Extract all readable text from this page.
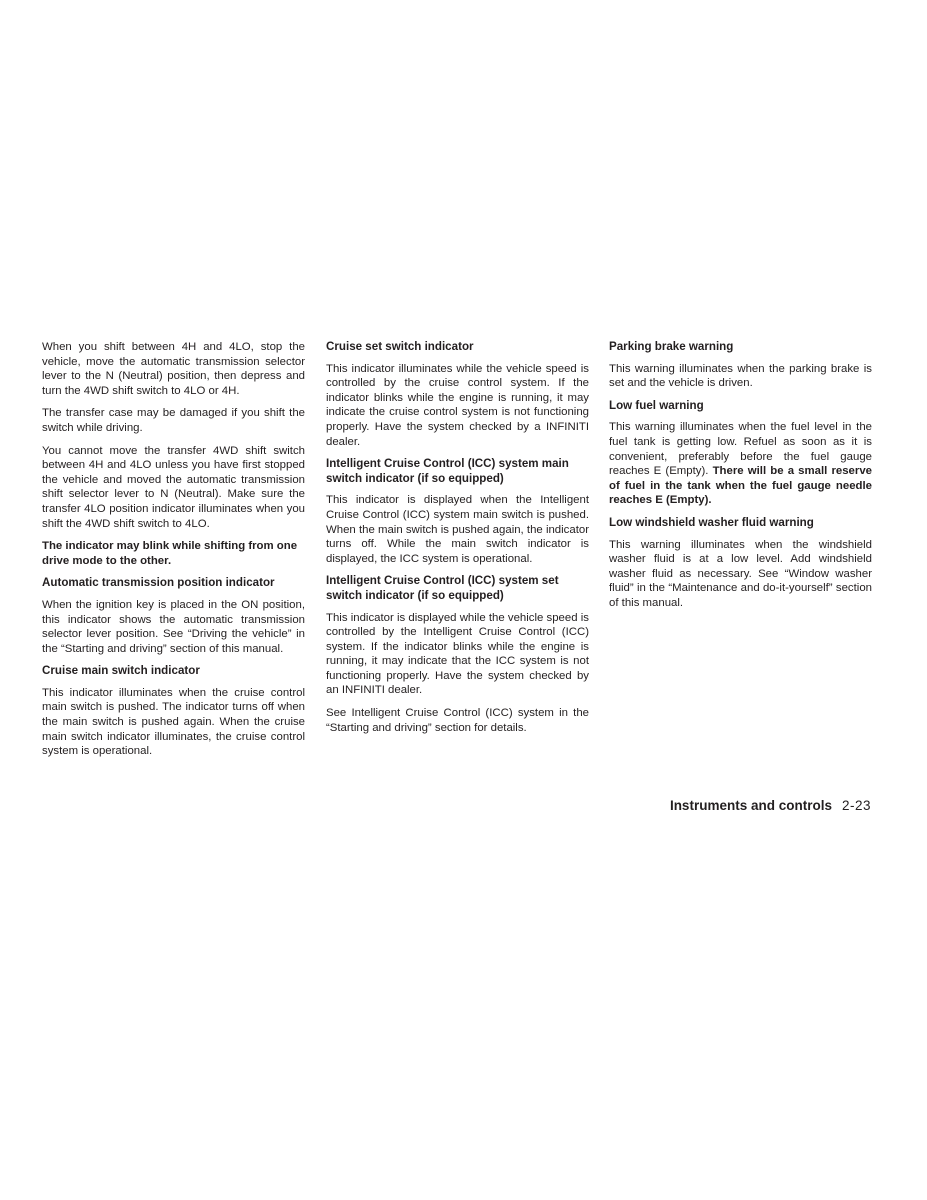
When you shift between 4H and 4LO, stop the vehicle, move the automatic transmission selector lever to the N (Neutral) position, then depress and turn the 4WD shift switch to 4LO or 4H.

The transfer case may be damaged if you shift the switch while driving.

You cannot move the transfer 4WD shift switch between 4H and 4LO unless you have first stopped the vehicle and moved the automatic transmission shift selector lever to N (Neutral). Make sure the transfer 4LO position indicator illuminates when you shift the 4WD shift switch to 4LO.

The indicator may blink while shifting from one drive mode to the other.

Automatic transmission position indicator

When the ignition key is placed in the ON position, this indicator shows the automatic transmission selector lever position. See “Driving the vehicle” in the “Starting and driving” section of this manual.

Cruise main switch indicator

This indicator illuminates when the cruise control main switch is pushed. The indicator turns off when the main switch is pushed again. When the cruise main switch indicator illuminates, the cruise control system is operational.

Cruise set switch indicator

This indicator illuminates while the vehicle speed is controlled by the cruise control system. If the indicator blinks while the engine is running, it may indicate the cruise control system is not functioning properly. Have the system checked by a INFINITI dealer.

Intelligent Cruise Control (ICC) system main switch indicator (if so equipped)

This indicator is displayed when the Intelligent Cruise Control (ICC) system main switch is pushed. When the main switch is pushed again, the indicator turns off. While the main switch indicator is displayed, the ICC system is operational.

Intelligent Cruise Control (ICC) system set switch indicator (if so equipped)

This indicator is displayed while the vehicle speed is controlled by the Intelligent Cruise Control (ICC) system. If the indicator blinks while the engine is running, it may indicate that the ICC system is not functioning properly. Have the system checked by an INFINITI dealer.

See Intelligent Cruise Control (ICC) system in the “Starting and driving” section for details.

Parking brake warning

This warning illuminates when the parking brake is set and the vehicle is driven.

Low fuel warning

This warning illuminates when the fuel level in the fuel tank is getting low. Refuel as soon as it is convenient, preferably before the fuel gauge reaches E (Empty). There will be a small reserve of fuel in the tank when the fuel gauge needle reaches E (Empty).

Low windshield washer fluid warning

This warning illuminates when the windshield washer fluid is at a low level. Add windshield washer fluid as necessary. See “Window washer fluid” in the “Maintenance and do-it-yourself” section of this manual.

Instruments and controls 2-23
